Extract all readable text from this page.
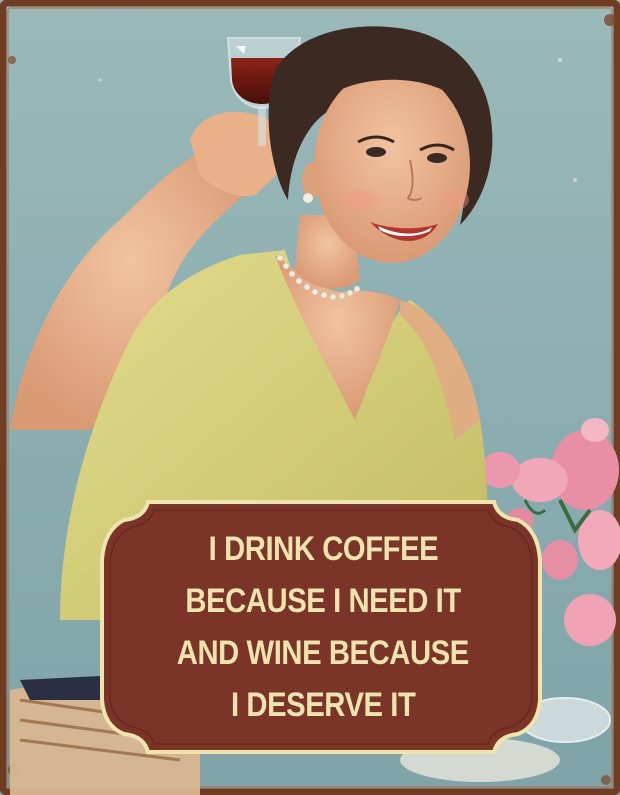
I DRINK COFFEE
BECAUSE I NEED IT
AND WINE BECAUSE
I DESERVE IT
